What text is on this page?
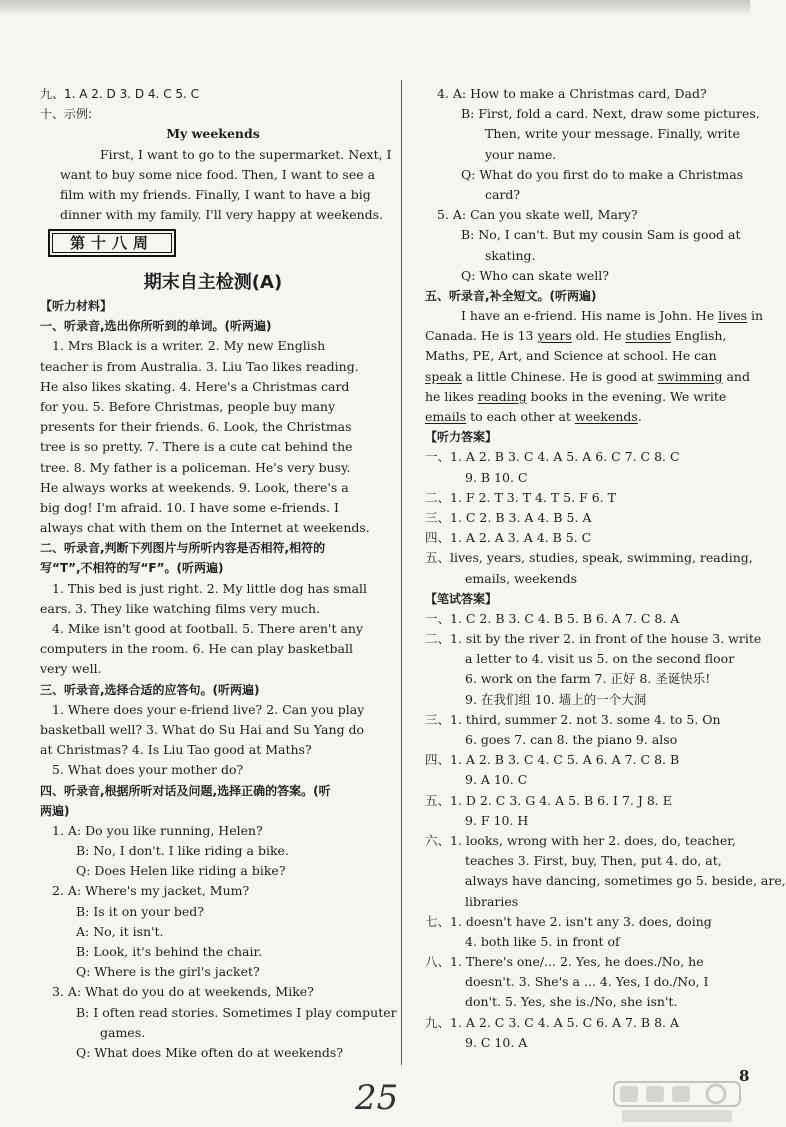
九、1. A 2. D 3. D 4. C 5. C
十、示例:
My weekends
First, I want to go to the supermarket. Next, I
want to buy some nice food. Then, I want to see a
film with my friends. Finally, I want to have a big
dinner with my family. I'll very happy at weekends.
第十八周
期末自主检测(A)
【听力材料】
一、听录音,选出你所听到的单词。(听两遍)
1. Mrs Black is a writer. 2. My new English
teacher is from Australia. 3. Liu Tao likes reading.
He also likes skating. 4. Here's a Christmas card
for you. 5. Before Christmas, people buy many
presents for their friends. 6. Look, the Christmas
tree is so pretty. 7. There is a cute cat behind the
tree. 8. My father is a policeman. He's very busy.
He always works at weekends. 9. Look, there's a
big dog! I'm afraid. 10. I have some e-friends. I
always chat with them on the Internet at weekends.
二、听录音,判断下列图片与所听内容是否相符,相符的
写“T”,不相符的写“F”。(听两遍)
1. This bed is just right. 2. My little dog has small
ears. 3. They like watching films very much.
4. Mike isn't good at football. 5. There aren't any
computers in the room. 6. He can play basketball
very well.
三、听录音,选择合适的应答句。(听两遍)
1. Where does your e-friend live? 2. Can you play
basketball well? 3. What do Su Hai and Su Yang do
at Christmas? 4. Is Liu Tao good at Maths?
5. What does your mother do?
四、听录音,根据所听对话及问题,选择正确的答案。(听
两遍)
1. A: Do you like running, Helen?
B: No, I don't. I like riding a bike.
Q: Does Helen like riding a bike?
2. A: Where's my jacket, Mum?
B: Is it on your bed?
A: No, it isn't.
B: Look, it's behind the chair.
Q: Where is the girl's jacket?
3. A: What do you do at weekends, Mike?
B: I often read stories. Sometimes I play computer
games.
Q: What does Mike often do at weekends?
4. A: How to make a Christmas card, Dad?
B: First, fold a card. Next, draw some pictures.
Then, write your message. Finally, write
your name.
Q: What do you first do to make a Christmas
card?
5. A: Can you skate well, Mary?
B: No, I can't. But my cousin Sam is good at
skating.
Q: Who can skate well?
五、听录音,补全短文。(听两遍)
I have an e-friend. His name is John. He lives in
Canada. He is 13 years old. He studies English,
Maths, PE, Art, and Science at school. He can
speak a little Chinese. He is good at swimming and
he likes reading books in the evening. We write
emails to each other at weekends.
【听力答案】
一、1. A 2. B 3. C 4. A 5. A 6. C 7. C 8. C
9. B 10. C
二、1. F 2. T 3. T 4. T 5. F 6. T
三、1. C 2. B 3. A 4. B 5. A
四、1. A 2. A 3. A 4. B 5. C
五、lives, years, studies, speak, swimming, reading,
emails, weekends
【笔试答案】
一、1. C 2. B 3. C 4. B 5. B 6. A 7. C 8. A
二、1. sit by the river 2. in front of the house 3. write
a letter to 4. visit us 5. on the second floor
6. work on the farm 7. 正好 8. 圣诞快乐!
9. 在我们组 10. 墙上的一个大洞
三、1. third, summer 2. not 3. some 4. to 5. On
6. goes 7. can 8. the piano 9. also
四、1. A 2. B 3. C 4. C 5. A 6. A 7. C 8. B
9. A 10. C
五、1. D 2. C 3. G 4. A 5. B 6. I 7. J 8. E
9. F 10. H
六、1. looks, wrong with her 2. does, do, teacher,
teaches 3. First, buy, Then, put 4. do, at,
always have dancing, sometimes go 5. beside, are,
libraries
七、1. doesn't have 2. isn't any 3. does, doing
4. both like 5. in front of
八、1. There's one/... 2. Yes, he does./No, he
doesn't. 3. She's a ... 4. Yes, I do./No, I
don't. 5. Yes, she is./No, she isn't.
九、1. A 2. C 3. C 4. A 5. C 6. A 7. B 8. A
9. C 10. A
25
8
